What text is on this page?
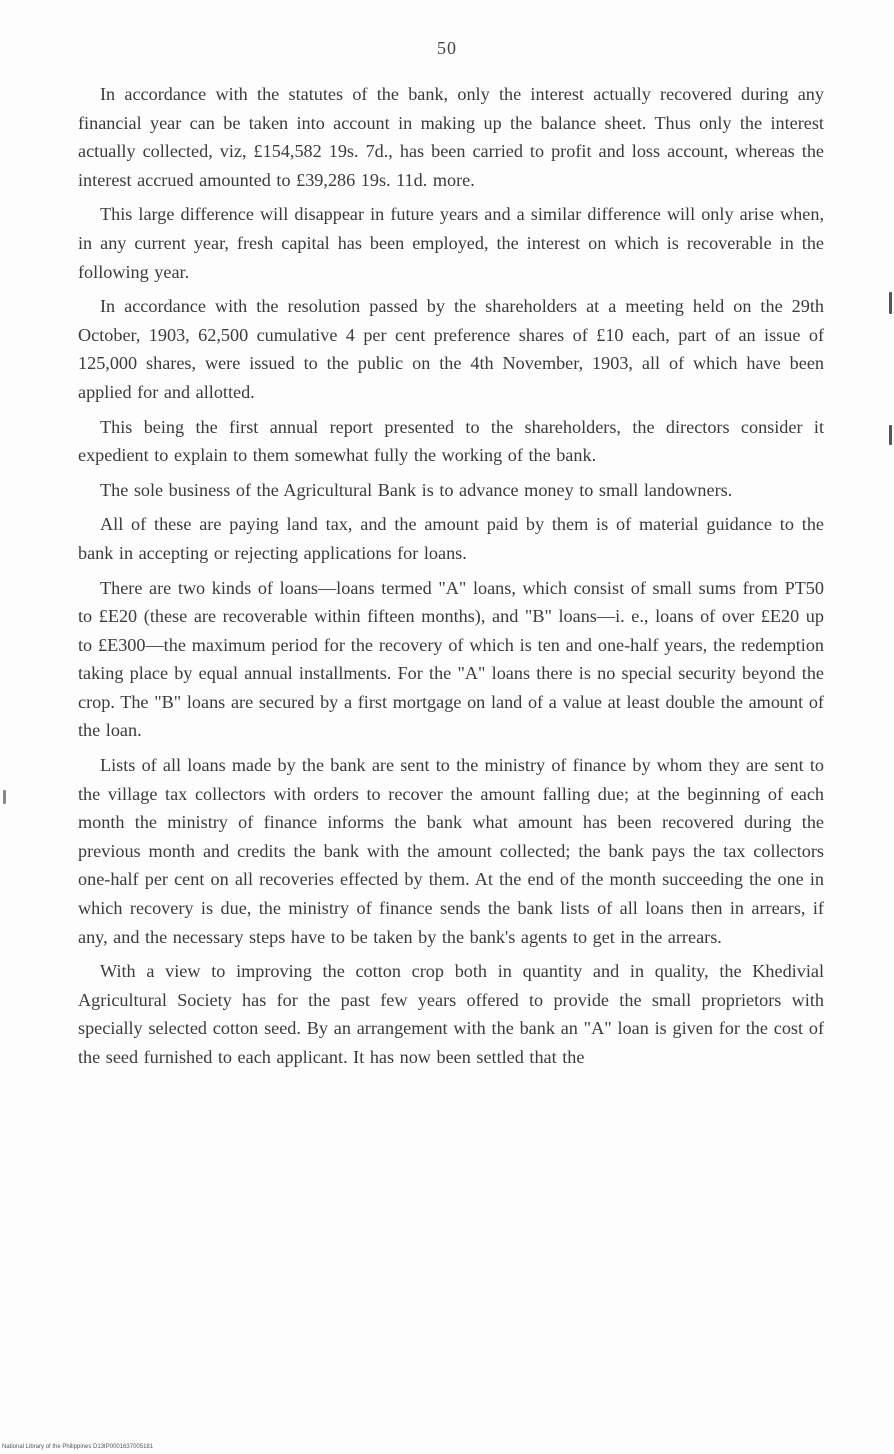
50

In accordance with the statutes of the bank, only the interest actually recovered during any financial year can be taken into account in making up the balance sheet. Thus only the interest actually collected, viz, £154,582 19s. 7d., has been carried to profit and loss account, whereas the interest accrued amounted to £39,286 19s. 11d. more.

This large difference will disappear in future years and a similar difference will only arise when, in any current year, fresh capital has been employed, the interest on which is recoverable in the following year.

In accordance with the resolution passed by the shareholders at a meeting held on the 29th October, 1903, 62,500 cumulative 4 per cent preference shares of £10 each, part of an issue of 125,000 shares, were issued to the public on the 4th November, 1903, all of which have been applied for and allotted.

This being the first annual report presented to the shareholders, the directors consider it expedient to explain to them somewhat fully the working of the bank.

The sole business of the Agricultural Bank is to advance money to small landowners.

All of these are paying land tax, and the amount paid by them is of material guidance to the bank in accepting or rejecting applications for loans.

There are two kinds of loans—loans termed "A" loans, which consist of small sums from PT50 to £E20 (these are recoverable within fifteen months), and "B" loans—i. e., loans of over £E20 up to £E300—the maximum period for the recovery of which is ten and one-half years, the redemption taking place by equal annual installments. For the "A" loans there is no special security beyond the crop. The "B" loans are secured by a first mortgage on land of a value at least double the amount of the loan.

Lists of all loans made by the bank are sent to the ministry of finance by whom they are sent to the village tax collectors with orders to recover the amount falling due; at the beginning of each month the ministry of finance informs the bank what amount has been recovered during the previous month and credits the bank with the amount collected; the bank pays the tax collectors one-half per cent on all recoveries effected by them. At the end of the month succeeding the one in which recovery is due, the ministry of finance sends the bank lists of all loans then in arrears, if any, and the necessary steps have to be taken by the bank's agents to get in the arrears.

With a view to improving the cotton crop both in quantity and in quality, the Khedivial Agricultural Society has for the past few years offered to provide the small proprietors with specially selected cotton seed. By an arrangement with the bank an "A" loan is given for the cost of the seed furnished to each applicant. It has now been settled that the

National Library of the Philippines D13tP0001637005181
